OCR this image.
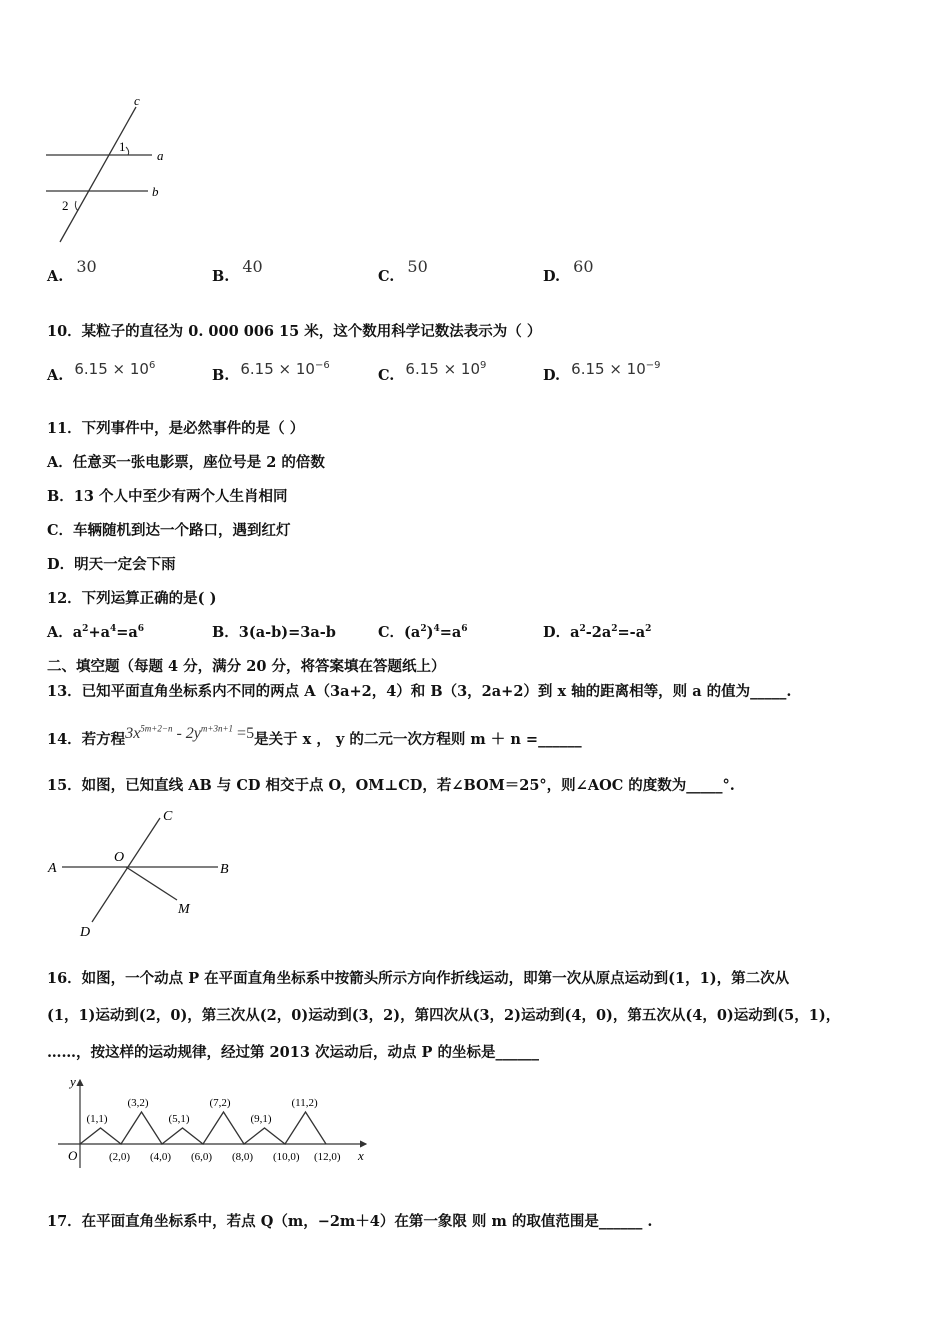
c
a
b
1
2
A. 30
B. 40
C. 50
D. 60
10．某粒子的直径为 0. 000 006 15 米，这个数用科学记数法表示为（ ）
A. $6.15 \times 10^6$
B. $6.15 \times 10^{-6}$
C. $6.15 \times 10^9$
D. $6.15 \times 10^{-9}$
11．下列事件中，是必然事件的是（ ）
A．任意买一张电影票，座位号是 2 的倍数
B．13 个人中至少有两个人生肖相同
C．车辆随机到达一个路口，遇到红灯
D．明天一定会下雨
12．下列运算正确的是( )
A．$a^2+a^4=a^6$	B．3(a-b)=3a-b	C．$(a^2)^4=a^6$	D．$a^2-2a^2=-a^2$
二、填空题（每题 4 分，满分 20 分，将答案填在答题纸上）
13．已知平面直角坐标系内不同的两点 A（3a+2，4）和 B（3，2a+2）到 x 轴的距离相等，则 a 的值为_____.
14．若方程$3x^{5m+2-n} - 2y^{m+3n+1} =5$是关于 x ， y 的二元一次方程则 m ＋ n =______
15．如图，已知直线 AB 与 CD 相交于点 O，OM⊥CD，若∠BOM＝25°，则∠AOC 的度数为_____°.
A	B
C
D
O
M
16．如图，一个动点 P 在平面直角坐标系中按箭头所示方向作折线运动，即第一次从原点运动到(1，1)，第二次从
(1，1)运动到(2，0)，第三次从(2，0)运动到(3，2)，第四次从(3，2)运动到(4，0)，第五次从(4，0)运动到(5，1)，
……，按这样的运动规律，经过第 2013 次运动后，动点 P 的坐标是______
x
y
O
(1,1)
(3,2)
(5,1)
(7,2)
(9,1)
(11,2)
(2,0) (4,0) (6,0) (8,0) (10,0) (12,0)
17．在平面直角坐标系中，若点 Q（m，−2m＋4）在第一象限 则 m 的取值范围是______ .
